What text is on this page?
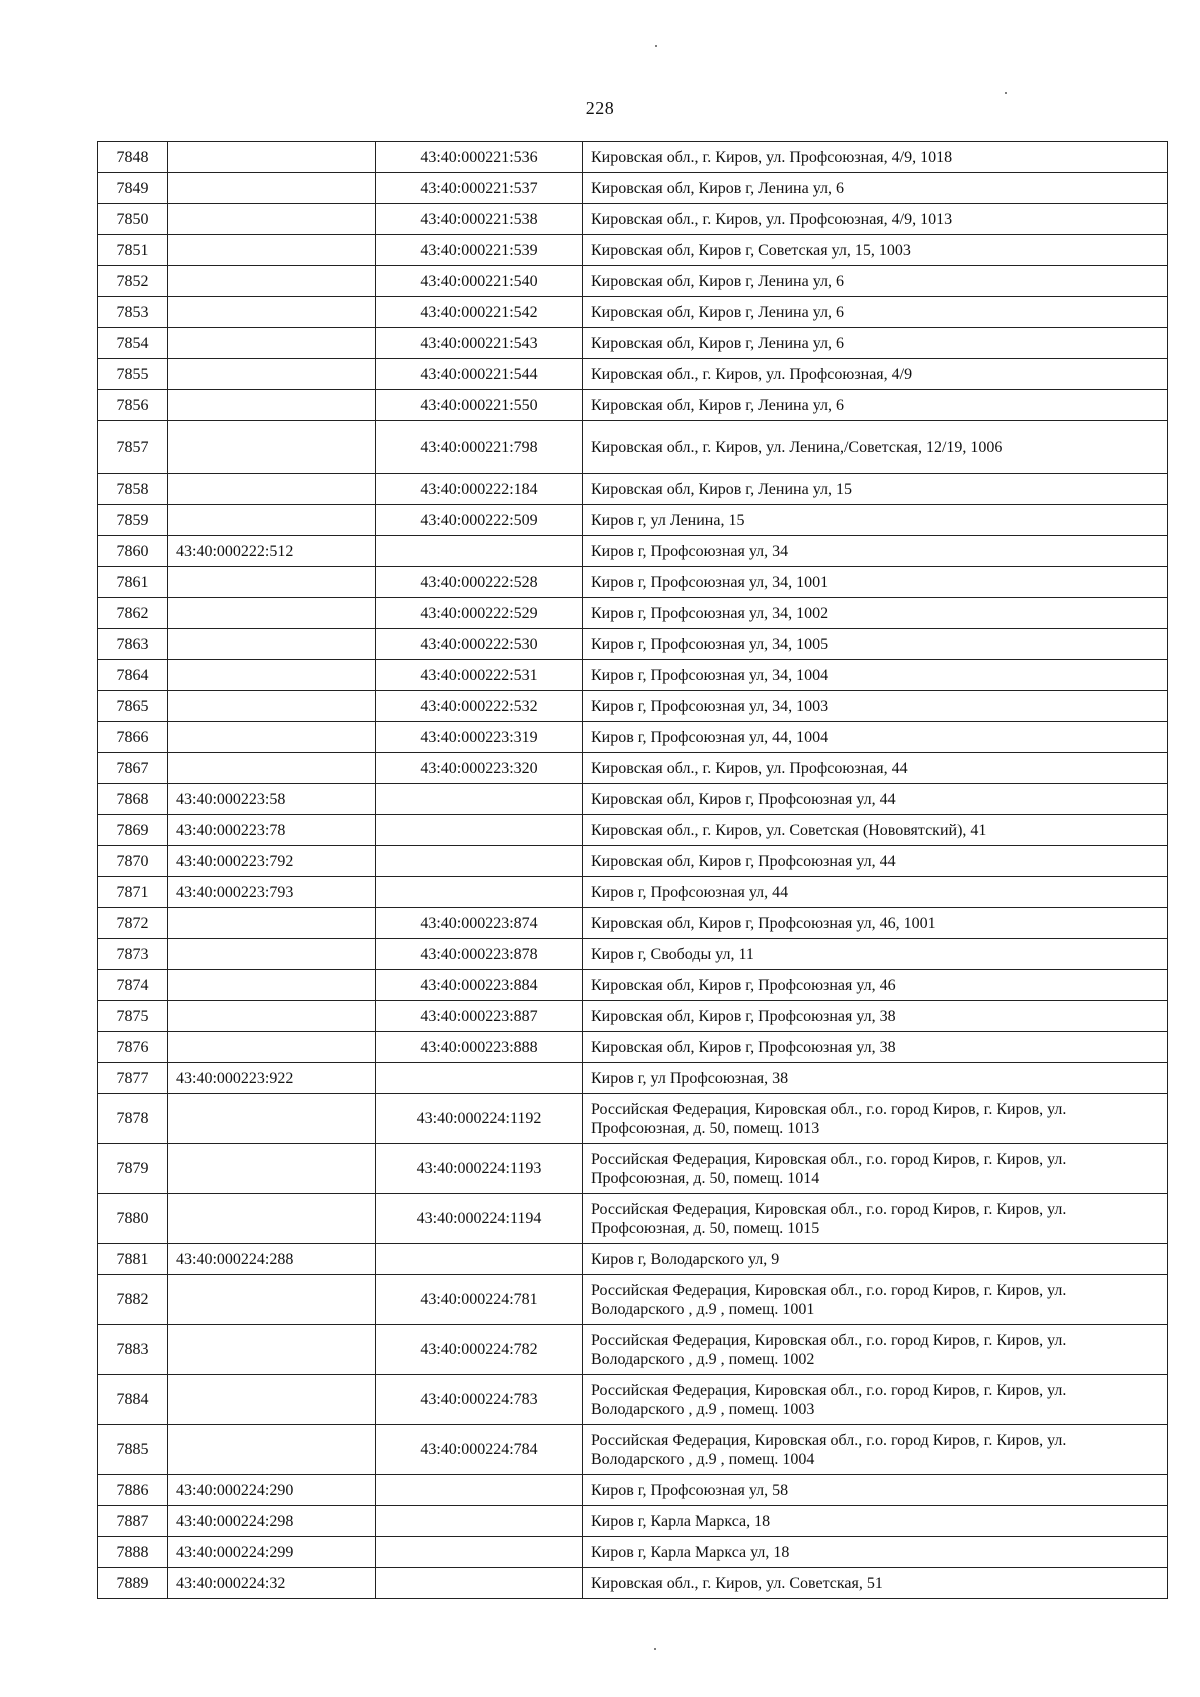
228
7848		43:40:000221:536	Кировская обл., г. Киров, ул. Профсоюзная, 4/9, 1018
7849		43:40:000221:537	Кировская обл, Киров г, Ленина ул, 6
7850		43:40:000221:538	Кировская обл., г. Киров, ул. Профсоюзная, 4/9, 1013
7851		43:40:000221:539	Кировская обл, Киров г, Советская ул, 15, 1003
7852		43:40:000221:540	Кировская обл, Киров г, Ленина ул, 6
7853		43:40:000221:542	Кировская обл, Киров г, Ленина ул, 6
7854		43:40:000221:543	Кировская обл, Киров г, Ленина ул, 6
7855		43:40:000221:544	Кировская обл., г. Киров, ул. Профсоюзная, 4/9
7856		43:40:000221:550	Кировская обл, Киров г, Ленина ул, 6
7857		43:40:000221:798	Кировская обл., г. Киров, ул. Ленина,/Советская, 12/19, 1006
7858		43:40:000222:184	Кировская обл, Киров г, Ленина ул, 15
7859		43:40:000222:509	Киров г, ул Ленина, 15
7860	43:40:000222:512		Киров г, Профсоюзная ул, 34
7861		43:40:000222:528	Киров г, Профсоюзная ул, 34, 1001
7862		43:40:000222:529	Киров г, Профсоюзная ул, 34, 1002
7863		43:40:000222:530	Киров г, Профсоюзная ул, 34, 1005
7864		43:40:000222:531	Киров г, Профсоюзная ул, 34, 1004
7865		43:40:000222:532	Киров г, Профсоюзная ул, 34, 1003
7866		43:40:000223:319	Киров г, Профсоюзная ул, 44, 1004
7867		43:40:000223:320	Кировская обл., г. Киров, ул. Профсоюзная, 44
7868	43:40:000223:58		Кировская обл, Киров г, Профсоюзная ул, 44
7869	43:40:000223:78		Кировская обл., г. Киров, ул. Советская (Нововятский), 41
7870	43:40:000223:792		Кировская обл, Киров г, Профсоюзная ул, 44
7871	43:40:000223:793		Киров г, Профсоюзная ул, 44
7872		43:40:000223:874	Кировская обл, Киров г, Профсоюзная ул, 46, 1001
7873		43:40:000223:878	Киров г, Свободы ул, 11
7874		43:40:000223:884	Кировская обл, Киров г, Профсоюзная ул, 46
7875		43:40:000223:887	Кировская обл, Киров г, Профсоюзная ул, 38
7876		43:40:000223:888	Кировская обл, Киров г, Профсоюзная ул, 38
7877	43:40:000223:922		Киров г, ул Профсоюзная, 38
7878		43:40:000224:1192	Российская Федерация, Кировская обл., г.о. город Киров, г. Киров, ул. Профсоюзная, д. 50, помещ. 1013
7879		43:40:000224:1193	Российская Федерация, Кировская обл., г.о. город Киров, г. Киров, ул. Профсоюзная, д. 50, помещ. 1014
7880		43:40:000224:1194	Российская Федерация, Кировская обл., г.о. город Киров, г. Киров, ул. Профсоюзная, д. 50, помещ. 1015
7881	43:40:000224:288		Киров г, Володарского ул, 9
7882		43:40:000224:781	Российская Федерация, Кировская обл., г.о. город Киров, г. Киров, ул. Володарского , д.9 , помещ. 1001
7883		43:40:000224:782	Российская Федерация, Кировская обл., г.о. город Киров, г. Киров, ул. Володарского , д.9 , помещ. 1002
7884		43:40:000224:783	Российская Федерация, Кировская обл., г.о. город Киров, г. Киров, ул. Володарского , д.9 , помещ. 1003
7885		43:40:000224:784	Российская Федерация, Кировская обл., г.о. город Киров, г. Киров, ул. Володарского , д.9 , помещ. 1004
7886	43:40:000224:290		Киров г, Профсоюзная ул, 58
7887	43:40:000224:298		Киров г, Карла Маркса, 18
7888	43:40:000224:299		Киров г, Карла Маркса ул, 18
7889	43:40:000224:32		Кировская обл., г. Киров, ул. Советская, 51
